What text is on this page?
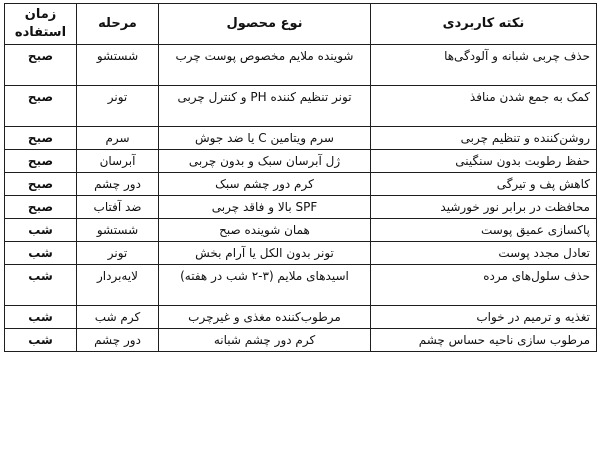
نکته کاربردی	نوع محصول	مرحله	زمان استفاده
حذف چربی شبانه و آلودگی‌ها	شوینده ملایم مخصوص پوست چرب	شستشو	صبح
کمک به جمع شدن منافذ	تونر تنظیم کننده PH و کنترل چربی	تونر	صبح
روشن‌کننده و تنظیم چربی	سرم ویتامین C یا ضد جوش	سرم	صبح
حفظ رطوبت بدون سنگینی	ژل آبرسان سبک و بدون چربی	آبرسان	صبح
کاهش پف و تیرگی	کرم دور چشم سبک	دور چشم	صبح
محافظت در برابر نور خورشید	SPF بالا و فاقد چربی	ضد آفتاب	صبح
پاکسازی عمیق پوست	همان شوینده صبح	شستشو	شب
تعادل مجدد پوست	تونر بدون الکل یا آرام بخش	تونر	شب
حذف سلول‌های مرده	اسیدهای ملایم (۳-۲ شب در هفته)	لایه‌بردار	شب
تغذیه و ترمیم در خواب	مرطوب‌کننده مغذی و غیرچرب	کرم شب	شب
مرطوب سازی ناحیه حساس چشم	کرم دور چشم شبانه	دور چشم	شب
